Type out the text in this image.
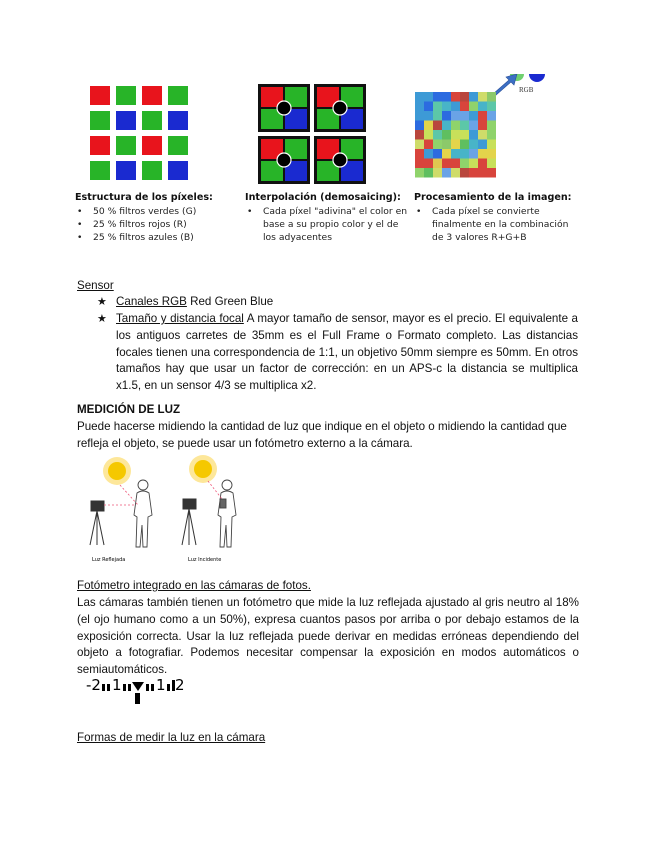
RGB
Estructura de los píxeles:
• 50 % filtros verdes (G)
• 25 % filtros rojos (R)
• 25 % filtros azules (B)
Interpolación (demosaicing):
• Cada píxel "adivina" el color en base a su propio color y el de los adyacentes
Procesamiento de la imagen:
• Cada píxel se convierte finalmente en la combinación de 3 valores R+G+B
Sensor
★ Canales RGB Red Green Blue
★ Tamaño y distancia focal A mayor tamaño de sensor, mayor es el precio. El equivalente a los antiguos carretes de 35mm es el Full Frame o Formato completo. Las distancias focales tienen una correspondencia de 1:1, un objetivo 50mm siempre es 50mm. En otros tamaños hay que usar un factor de corrección: en un APS-c la distancia se multiplica x1.5, en un sensor 4/3 se multiplica x2.
MEDICIÓN DE LUZ
Puede hacerse midiendo la cantidad de luz que indique en el objeto o midiendo la cantidad que refleja el objeto, se puede usar un fotómetro externo a la cámara.
Luz Reflejada	Luz Incidente
Fotómetro integrado en las cámaras de fotos.
Las cámaras también tienen un fotómetro que mide la luz reflejada ajustado al gris neutro al 18% (el ojo humano como a un 50%), expresa cuantos pasos por arriba o por debajo estamos de la exposición correcta. Usar la luz reflejada puede derivar en medidas erróneas dependiendo del objeto a fotografiar. Podemos necesitar compensar la exposición en modos automáticos o semiautomáticos.
-2 1 1 2
Formas de medir la luz en la cámara
